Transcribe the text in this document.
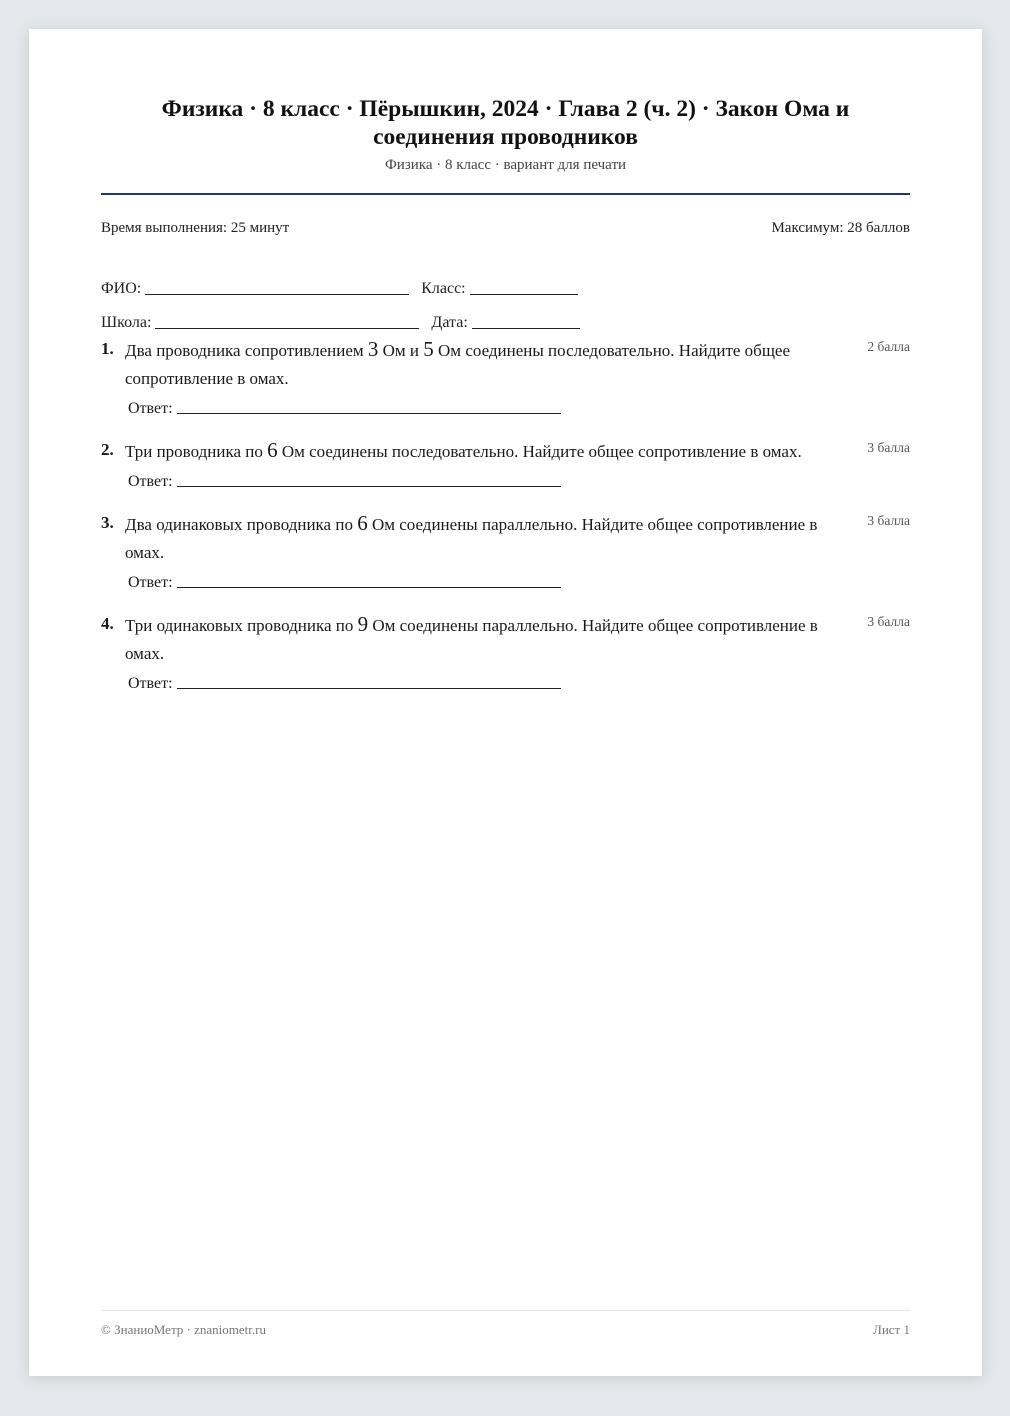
Физика · 8 класс · Пёрышкин, 2024 · Глава 2 (ч. 2) · Закон Ома и соединения проводников
Физика · 8 класс · вариант для печати
Время выполнения: 25 минут	Максимум: 28 баллов
ФИО:	Класс:
Школа:	Дата:
1. Два проводника сопротивлением 3 Ом и 5 Ом соединены последовательно. Найдите общее сопротивление в омах.
2 балла
Ответ:
2. Три проводника по 6 Ом соединены последовательно. Найдите общее сопротивление в омах.	3 балла
Ответ:
3. Два одинаковых проводника по 6 Ом соединены параллельно. Найдите общее сопротивление в омах.
3 балла
Ответ:
4. Три одинаковых проводника по 9 Ом соединены параллельно. Найдите общее сопротивление в омах.
3 балла
Ответ:
© ЗнаниоМетр · znaniometr.ru	Лист 1
